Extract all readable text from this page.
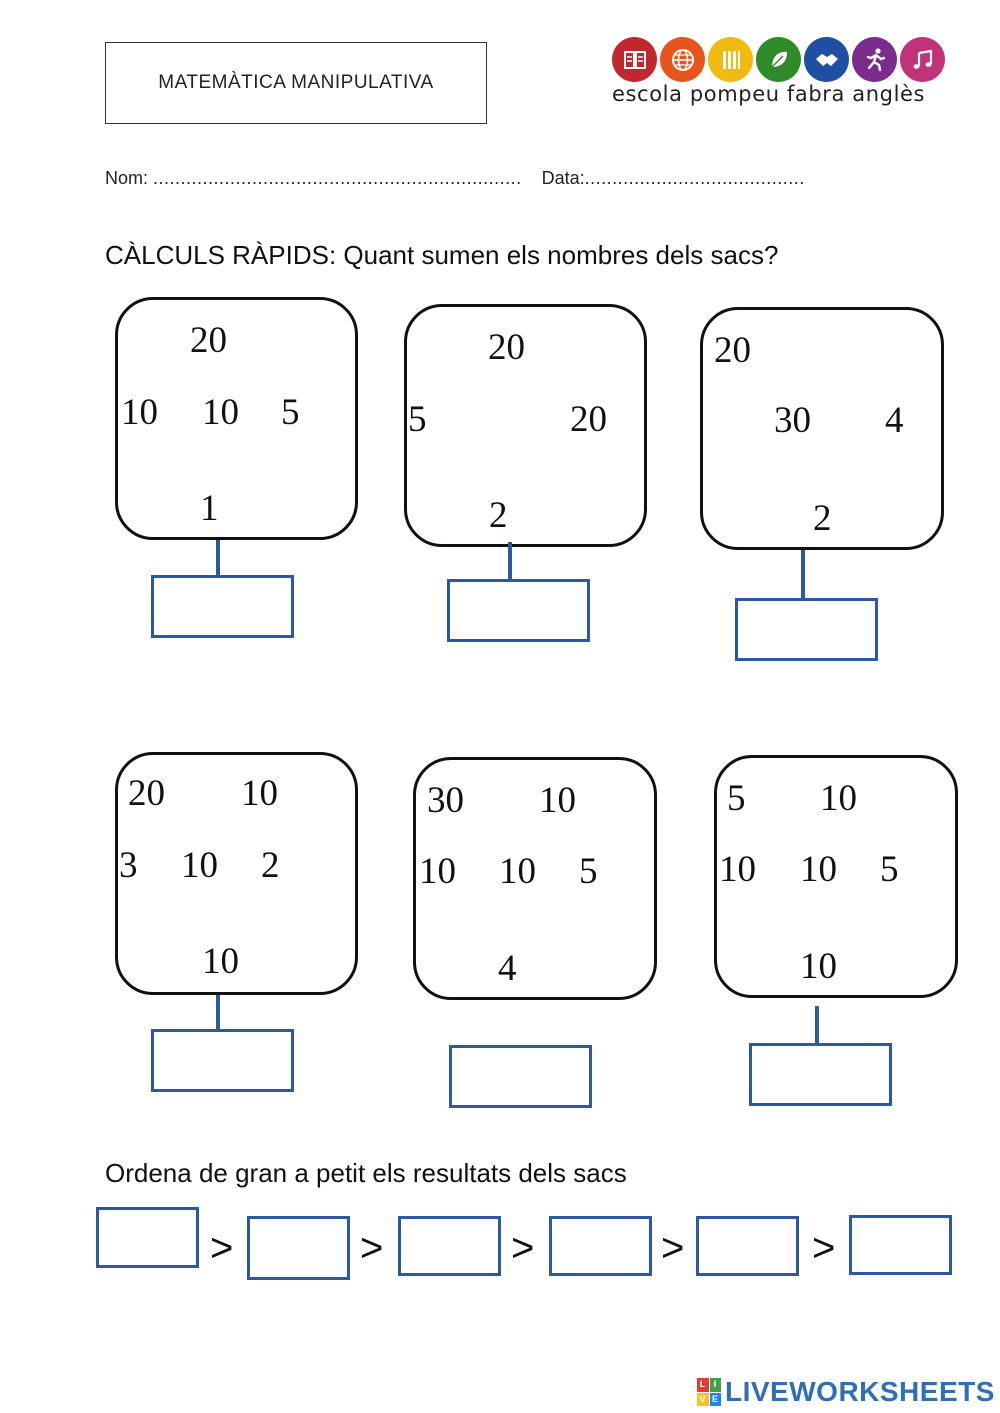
MATEMÀTICA MANIPULATIVA	escola pompeu fabra anglès
Nom: ................................................................... Data:........................................
CÀLCULS RÀPIDS: Quant sumen els nombres dels sacs?
20
10 10 5
1
20
5	20
2
20
30 4
2
20 10
3 10 2
10
30 10
10 10 5
4
5 10
10 10 5
10
Ordena de gran a petit els resultats dels sacs
>	>	>	>	>
L I
V E LIVEWORKSHEETS
